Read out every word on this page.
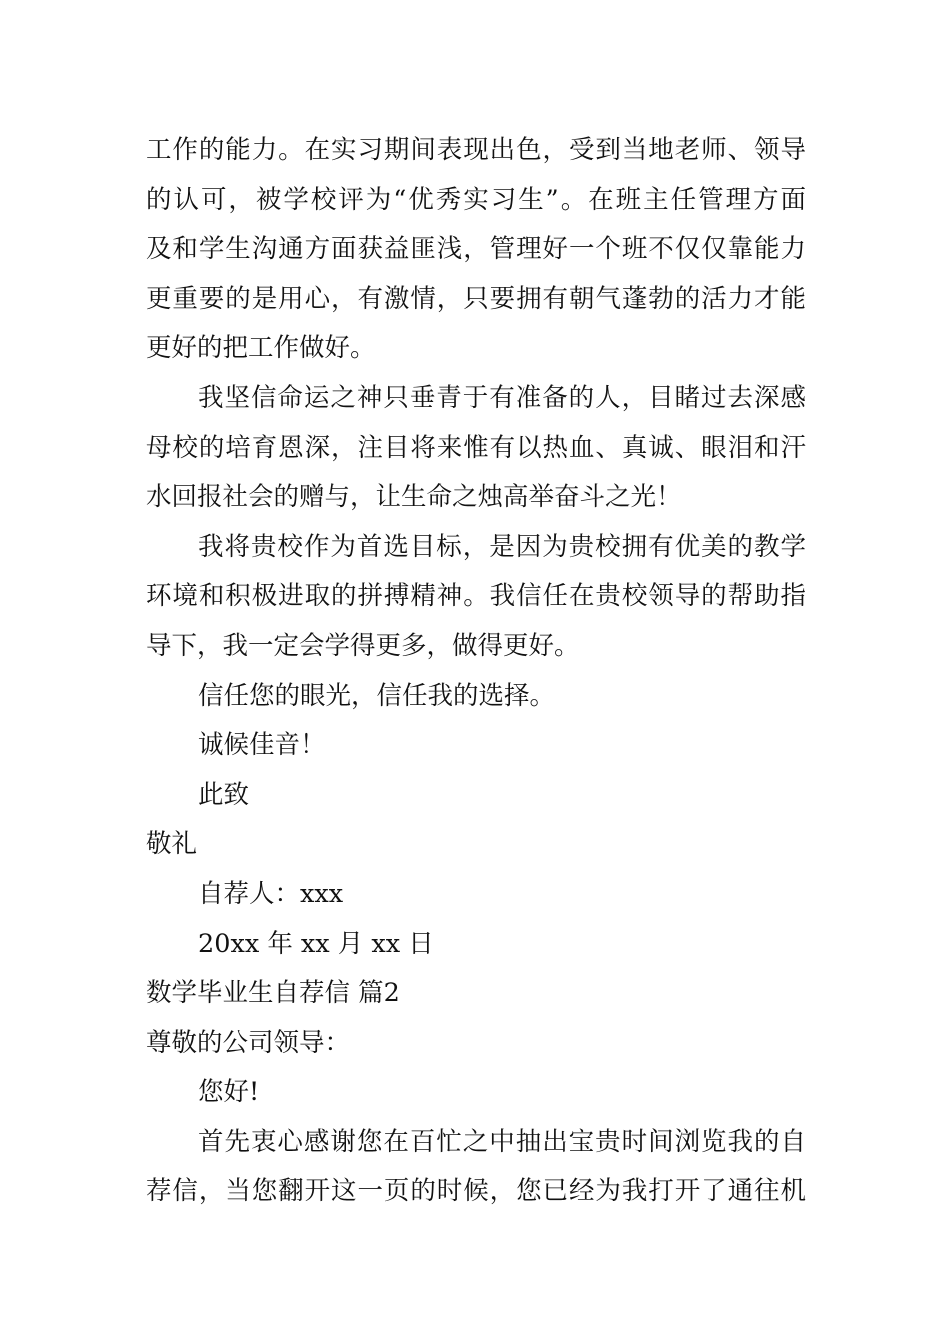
工作的能力。在实习期间表现出色，受到当地老师、领导
的认可，被学校评为“优秀实习生”。在班主任管理方面
及和学生沟通方面获益匪浅，管理好一个班不仅仅靠能力
更重要的是用心，有激情，只要拥有朝气蓬勃的活力才能
更好的把工作做好。
我坚信命运之神只垂青于有准备的人，目睹过去深感
母校的培育恩深，注目将来惟有以热血、真诚、眼泪和汗
水回报社会的赠与，让生命之烛高举奋斗之光！
我将贵校作为首选目标，是因为贵校拥有优美的教学
环境和积极进取的拼搏精神。我信任在贵校领导的帮助指
导下，我一定会学得更多，做得更好。
信任您的眼光，信任我的选择。
诚候佳音！
此致
敬礼
自荐人：xxx
20xx 年 xx 月 xx 日
数学毕业生自荐信 篇2
尊敬的公司领导：
您好!
首先衷心感谢您在百忙之中抽出宝贵时间浏览我的自
荐信，当您翻开这一页的时候，您已经为我打开了通往机
